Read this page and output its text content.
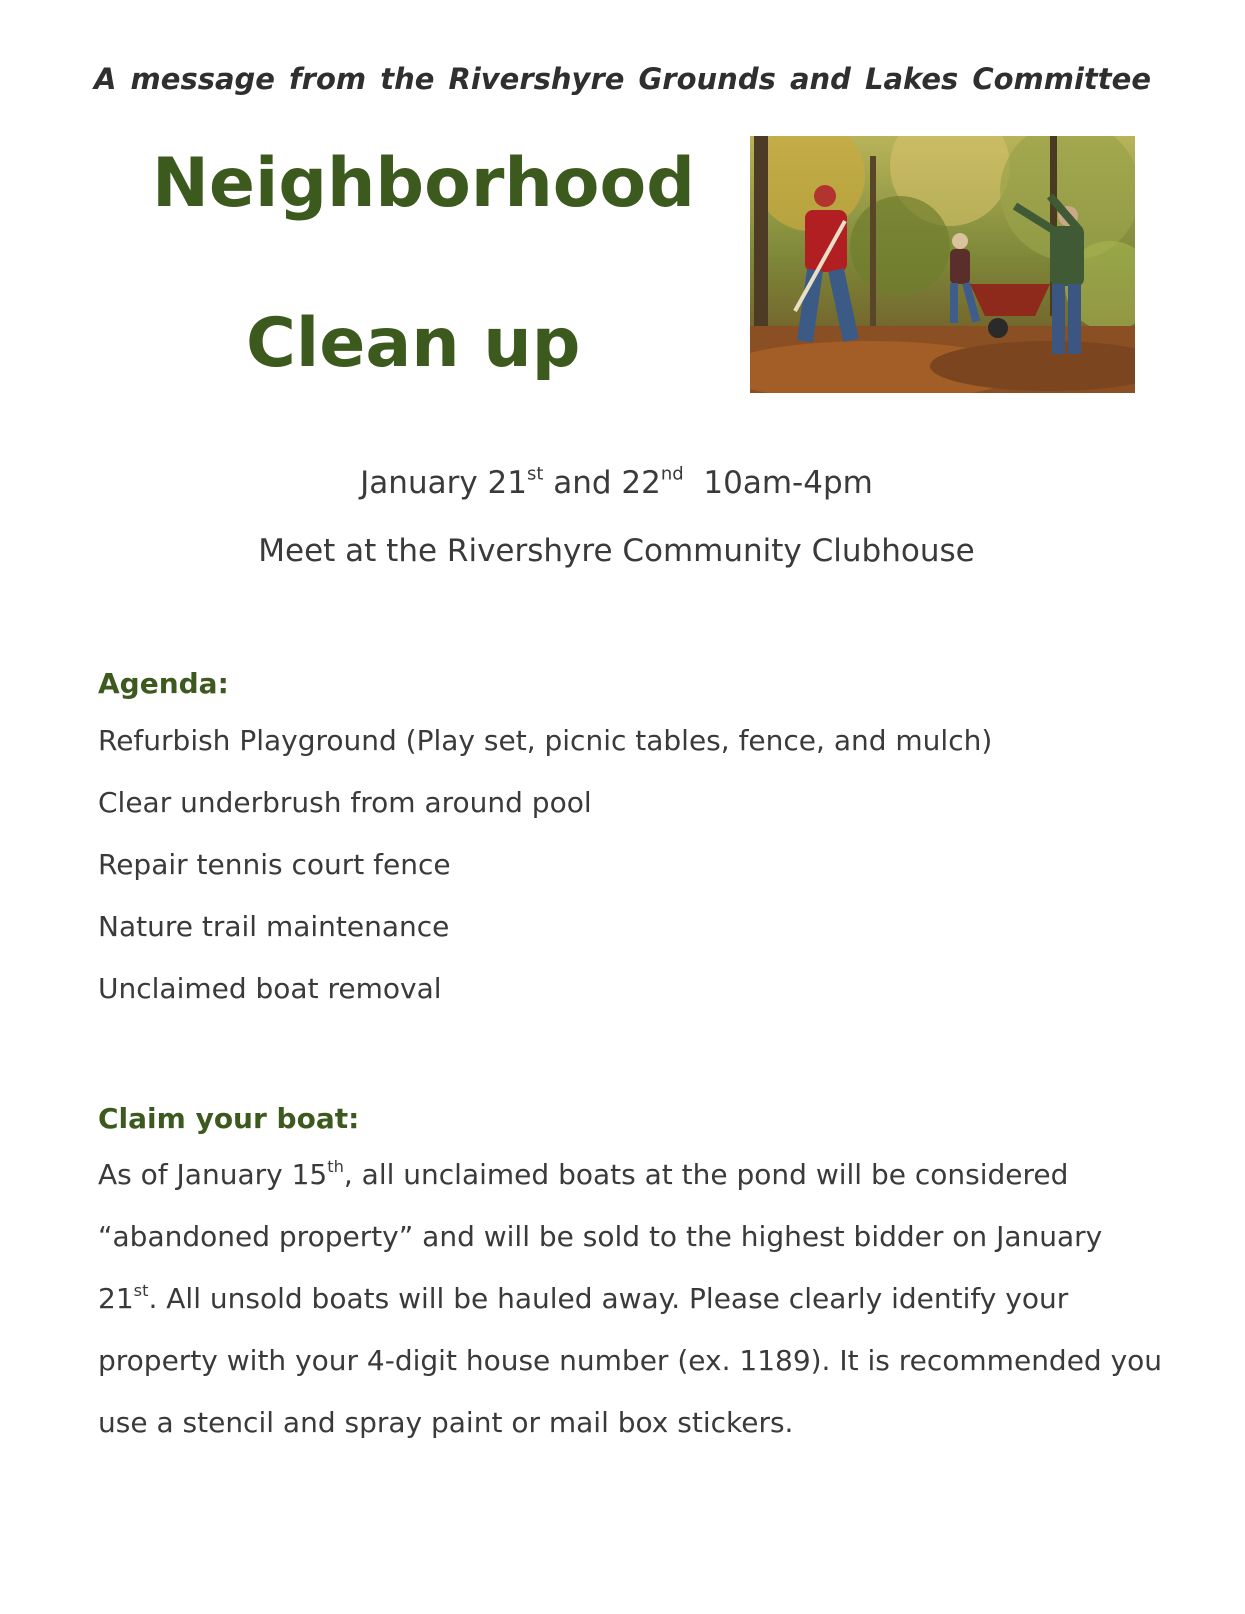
A message from the Rivershyre Grounds and Lakes Committee
Neighborhood
Clean up
January 21st and 22nd 10am-4pm
Meet at the Rivershyre Community Clubhouse
Agenda:
Refurbish Playground (Play set, picnic tables, fence, and mulch)
Clear underbrush from around pool
Repair tennis court fence
Nature trail maintenance
Unclaimed boat removal
Claim your boat:
As of January 15th, all unclaimed boats at the pond will be considered
“abandoned property” and will be sold to the highest bidder on January
21st. All unsold boats will be hauled away. Please clearly identify your
property with your 4-digit house number (ex. 1189). It is recommended you
use a stencil and spray paint or mail box stickers.
